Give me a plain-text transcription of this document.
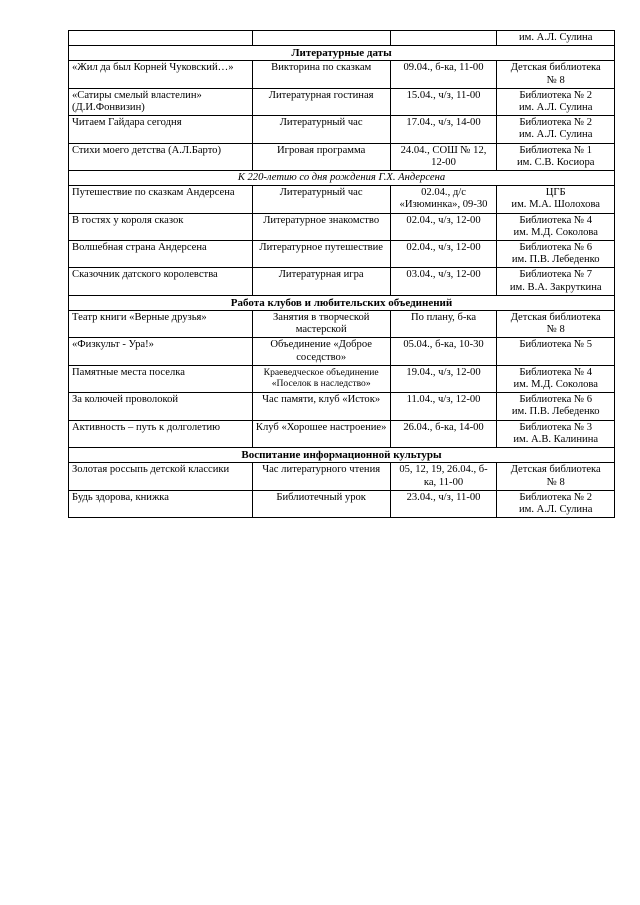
			им. А.Л. Сулина

Литературные даты			
«Жил да был Корней Чуковский…»	Викторина по сказкам	09.04., б-ка, 11-00	Детская библиотека
№ 8

«Сатиры смелый властелин» (Д.И.Фонвизин)	Литературная гостиная	15.04., ч/з, 11-00	Библиотека № 2
им. А.Л. Сулина

Читаем Гайдара сегодня	Литературный час	17.04., ч/з, 14-00	Библиотека № 2
им. А.Л. Сулина

Стихи моего детства (А.Л.Барто)	Игровая программа	24.04., СОШ № 12, 12-00	Библиотека № 1
им. С.В. Косиора

К 220-летию со дня рождения Г.Х. Андерсена			
Путешествие по сказкам Андерсена	Литературный час	02.04., д/с «Изюминка», 09-30	ЦГБ
им. М.А. Шолохова

В гостях у короля сказок	Литературное знакомство	02.04., ч/з, 12-00	Библиотека № 4
им. М.Д. Соколова

Волшебная страна Андерсена	Литературное путешествие	02.04., ч/з, 12-00	Библиотека № 6
им. П.В. Лебеденко

Сказочник датского королевства	Литературная игра	03.04., ч/з, 12-00	Библиотека № 7
им. В.А. Закруткина

Работа клубов и любительских объединений			
Театр книги «Верные друзья»	Занятия в творческой мастерской	По плану, б-ка	Детская библиотека
№ 8

«Физкульт - Ура!»	Объединение «Доброе соседство»	05.04., б-ка, 10-30	Библиотека № 5

Памятные места поселка	Краеведческое объединение «Поселок в наследство»	19.04., ч/з, 12-00	Библиотека № 4
им. М.Д. Соколова

За колючей проволокой	Час памяти, клуб «Исток»	11.04., ч/з, 12-00	Библиотека № 6
им. П.В. Лебеденко

Активность – путь к долголетию	Клуб «Хорошее настроение»	26.04., б-ка, 14-00	Библиотека № 3
им. А.В. Калинина

Воспитание информационной культуры			
Золотая россыпь детской классики	Час литературного чтения	05, 12, 19, 26.04., б-ка, 11-00	Детская библиотека
№ 8

Будь здорова, книжка	Библиотечный урок	23.04., ч/з, 11-00	Библиотека № 2
им. А.Л. Сулина
